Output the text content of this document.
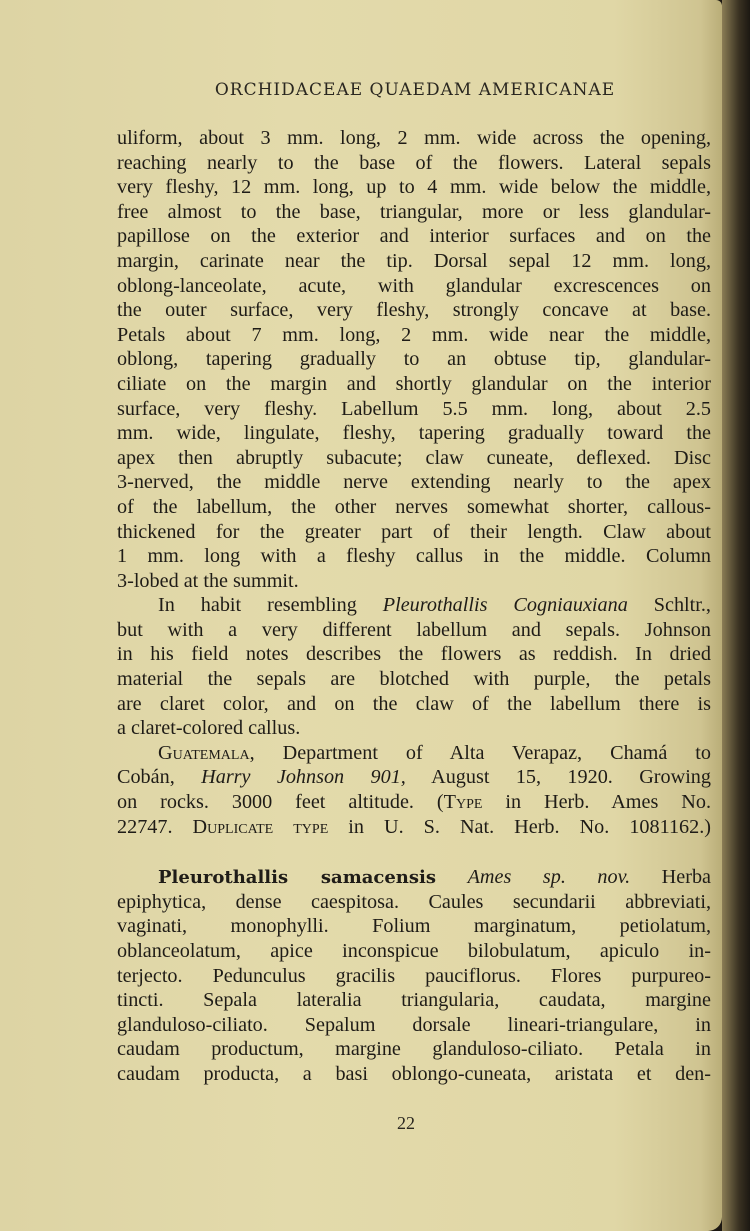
ORCHIDACEAE QUAEDAM AMERICANAE
uliform, about 3 mm. long, 2 mm. wide across the opening,
reaching nearly to the base of the flowers. Lateral sepals
very fleshy, 12 mm. long, up to 4 mm. wide below the middle,
free almost to the base, triangular, more or less glandular-
papillose on the exterior and interior surfaces and on the
margin, carinate near the tip. Dorsal sepal 12 mm. long,
oblong-lanceolate, acute, with glandular excrescences on
the outer surface, very fleshy, strongly concave at base.
Petals about 7 mm. long, 2 mm. wide near the middle,
oblong, tapering gradually to an obtuse tip, glandular-
ciliate on the margin and shortly glandular on the interior
surface, very fleshy. Labellum 5.5 mm. long, about 2.5
mm. wide, lingulate, fleshy, tapering gradually toward the
apex then abruptly subacute; claw cuneate, deflexed. Disc
3-nerved, the middle nerve extending nearly to the apex
of the labellum, the other nerves somewhat shorter, callous-
thickened for the greater part of their length. Claw about
1 mm. long with a fleshy callus in the middle. Column
3-lobed at the summit.
In habit resembling Pleurothallis Cogniauxiana Schltr.,
but with a very different labellum and sepals. Johnson
in his field notes describes the flowers as reddish. In dried
material the sepals are blotched with purple, the petals
are claret color, and on the claw of the labellum there is
a claret-colored callus.
Guatemala, Department of Alta Verapaz, Chamá to
Cobán, Harry Johnson 901, August 15, 1920. Growing
on rocks. 3000 feet altitude. (Type in Herb. Ames No.
22747. Duplicate type in U. S. Nat. Herb. No. 1081162.)
Pleurothallis samacensis Ames sp. nov. Herba
epiphytica, dense caespitosa. Caules secundarii abbreviati,
vaginati, monophylli. Folium marginatum, petiolatum,
oblanceolatum, apice inconspicue bilobulatum, apiculo in-
terjecto. Pedunculus gracilis pauciflorus. Flores purpureo-
tincti. Sepala lateralia triangularia, caudata, margine
glanduloso-ciliato. Sepalum dorsale lineari-triangulare, in
caudam productum, margine glanduloso-ciliato. Petala in
caudam producta, a basi oblongo-cuneata, aristata et den-
22
